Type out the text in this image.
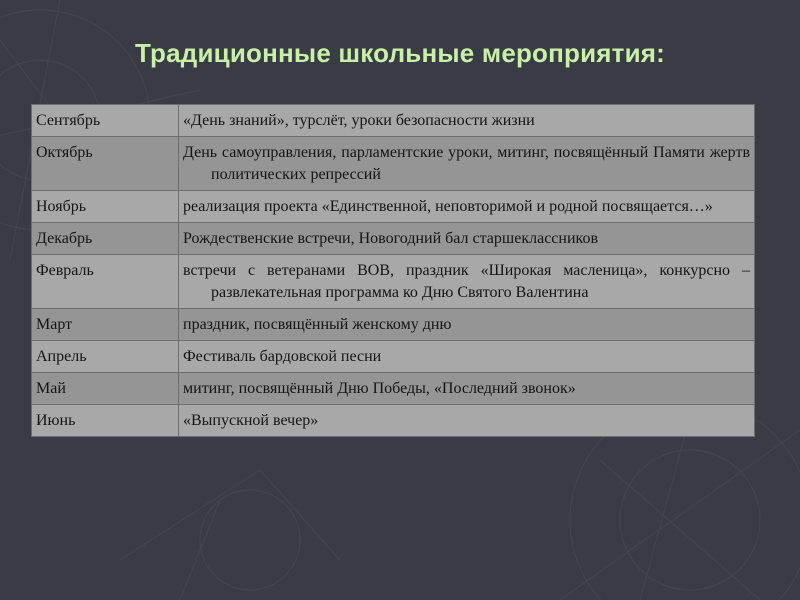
Традиционные школьные мероприятия:
Сентябрь	«День знаний», турслёт, уроки безопасности жизни

Октябрь	День самоуправления, парламентские уроки, митинг, посвящённый Памяти жертв политических репрессий

Ноябрь	реализация проекта «Единственной, неповторимой и родной посвящается…»

Декабрь	Рождественские встречи, Новогодний бал старшеклассников

Февраль	встречи с ветеранами ВОВ, праздник «Широкая масленица», конкурсно – развлекательная программа ко Дню Святого Валентина

Март	праздник, посвящённый женскому дню

Апрель	Фестиваль бардовской песни

Май	митинг, посвящённый Дню Победы, «Последний звонок»

Июнь	«Выпускной вечер»
